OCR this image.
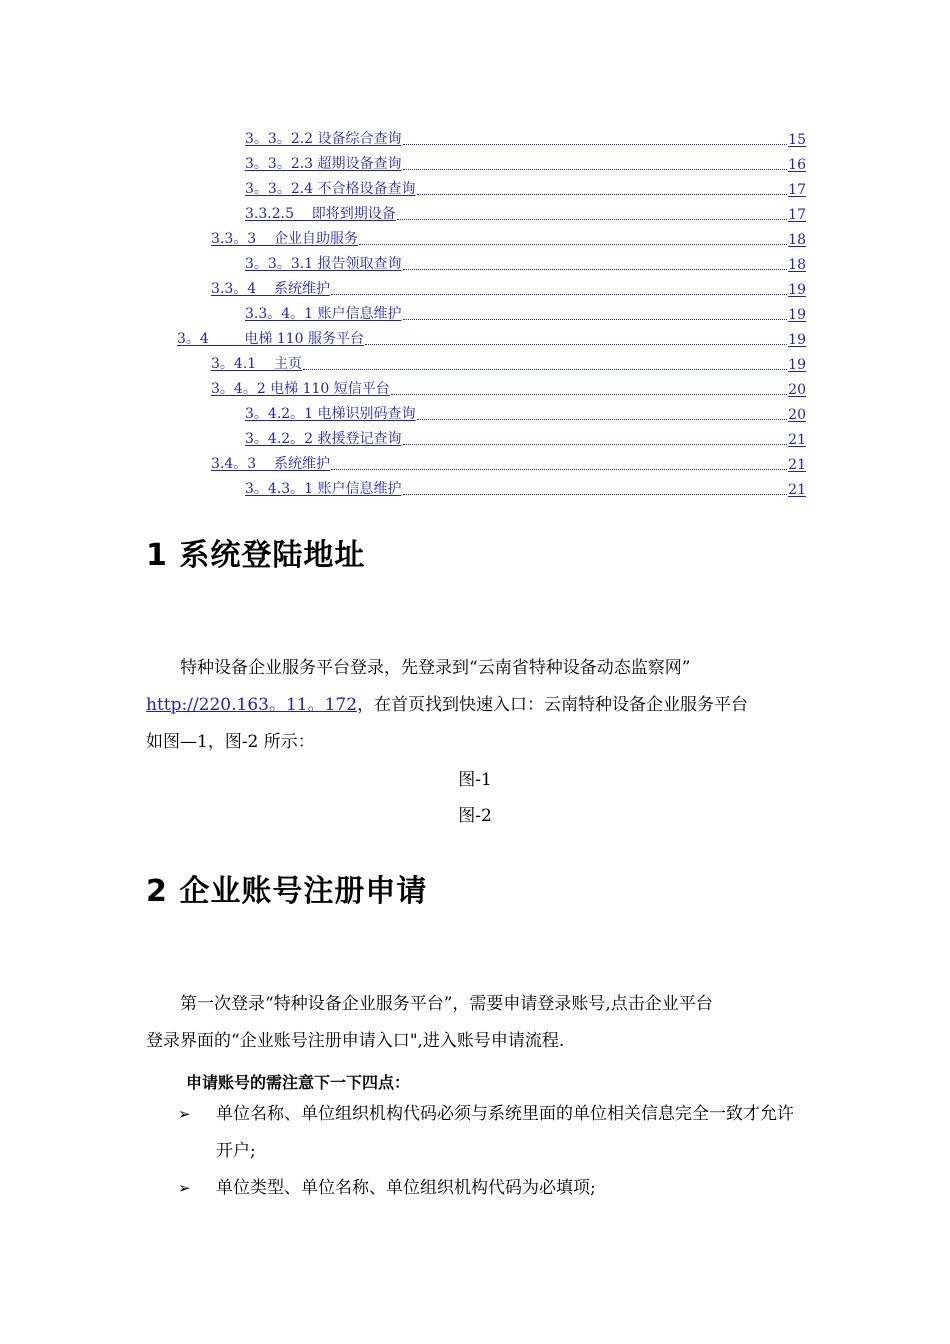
3。3。2.2 设备综合查询	15
3。3。2.3 超期设备查询	16
3。3。2.4 不合格设备查询	17
3.3.2.5    即将到期设备	17
3.3。3    企业自助服务	18
3。3。3.1 报告领取查询	18
3.3。4    系统维护	19
3.3。4。1 账户信息维护	19
3。4        电梯 110 服务平台	19
3。4.1    主页	19
3。4。2 电梯 110 短信平台	20
3。4.2。1 电梯识别码查询	20
3。4.2。2 救援登记查询	21
3.4。3    系统维护	21
3。4.3。1 账户信息维护	21
1 系统登陆地址

特种设备企业服务平台登录，先登录到“云南省特种设备动态监察网”

http://220.163。11。172，在首页找到快速入口：云南特种设备企业服务平台

如图—1，图-2 所示：

图-1
图-2
2 企业账号注册申请

第一次登录“特种设备企业服务平台”，需要申请登录账号,点击企业平台

登录界面的“企业账号注册申请入口",进入账号申请流程.

申请账号的需注意下一下四点：
➢	单位名称、单位组织机构代码必须与系统里面的单位相关信息完全一致才允许开户;
➢	单位类型、单位名称、单位组织机构代码为必填项;
